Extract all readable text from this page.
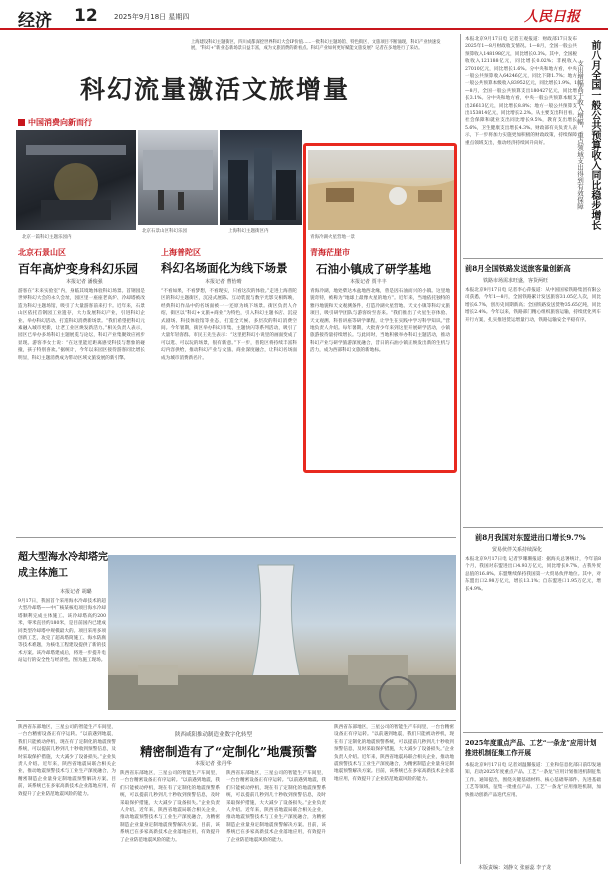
经济 12 2025年9月18日 星期四	人民日报
上海建设科幻主题街区，四川成都深挖世界科幻大会IP价值……一批科幻主题场馆、特色街区、文旅项目不断涌现，科幻产业快速发展，“科幻+”新业态新场景日益丰富，成为文旅消费的新看点。科幻产业如何更好赋能文旅发展？记者在多地进行了采访。
科幻流量激活文旅增量
中国消费向新而行
北京一篇科幻主题乐园内
北京石景山区科幻乐园	上海科幻主题街区内
青海冷湖火星营地一景
北京石景山区
百年高炉变身科幻乐园
本报记者 潘俊强
游客在“未来实验室”内，身临其境地体验科幻场景。首钢园是世界科幻大会的永久会址，园区里一座座老高炉、冷却塔被改造为科幻主题场馆，吸引了大量游客前来打卡。近年来，石景山区依托首钢园工业遗存，大力发展科幻产业，引进科幻企业、举办科幻活动、打造科幻消费新场景。“我们希望把科幻元素融入城市更新，让老工业区焕发新活力。”相关负责人表示，园区已举办多场科幻主题展览与论坛，科幻产业集聚效应初步显现。游客李女士说：“在这里能近距离感受科技与想象的碰撞，孩子特别喜欢。”据统计，今年以来园区接待游客同比增长明显，科幻主题消费成为带动区域文旅发展的新引擎。
上海普陀区
科幻名场面化为线下场景
本报记者 曹怡晴
“不看如果，不看梦想，不看现实，只看这次的体验。”走进上海普陀区的科幻主题街区，沉浸式展陈、互动装置与数字光影交相辉映，经典科幻作品中的名场面被一一还原为线下场景。街区负责人介绍，街区以“科幻+文旅+商业”为特色，引入科幻主题书店、沉浸式剧场、科技体验馆等业态，打造全天候、多层次的科幻消费空间。今年暑期，街区举办科幻市集、主题快闪等系列活动，吸引了大量年轻客群。市民王先生表示：“这里把科幻小说里的画面变成了可以逛、可以玩的场景，很有新意。”下一步，普陀区将持续丰富科幻内容供给，推动科幻产业与文旅、商业深度融合，让科幻名场面成为城市消费新名片。
青海茫崖市
石油小镇成了研学基地
本报记者 贾丰丰
青海冷湖，地处柴达木盆地西北缘，曾是因石油而兴的小镇。这里地貌奇特，被称为“地球上最像火星的地方”。近年来，当地依托独特的雅丹地貌和天文观测条件，打造冷湖火星营地、天文小镇等科幻文旅项目，吸引研学团队与游客纷至沓来。“我们推出了火星生存体验、天文观测、科普讲座等研学课程，让学生在实践中学习科学知识。”营地负责人介绍。每年暑期，大批青少年来到这里开展研学活动，小镇旅游接待量持续增长。与此同时，当地积极举办科幻主题活动，推动科幻产业与研学旅游深度融合，昔日的石油小镇正焕发出新的生机与活力，成为西部科幻文旅的新地标。
本报北京9月17日电 记者王观报道：财政部17日发布2025年1—8月财政收支情况。1—8月，全国一般公共预算收入148198亿元，同比增长0.3%。其中，全国税收收入121188亿元，同比增长0.02%；非税收入27010亿元，同比增长1.6%。分中央和地方看，中央一般公共预算收入64246亿元，同比下降1.7%；地方一般公共预算本级收入83952亿元，同比增长1.9%。1—8月，全国一般公共预算支出180427亿元，同比增长3.1%。分中央和地方看，中央一般公共预算本级支出26613亿元，同比增长8.8%；地方一般公共预算支出153814亿元，同比增长2.2%。从主要支出科目看，社会保障和就业支出同比增长9.5%，教育支出增长5.6%，卫生健康支出增长4.3%。财政部有关负责人表示，下一步将加力实施更加积极的财政政策，持续保障重点领域支出，推动经济持续回升向好。	前八月全国一般公共预算收入同比稳步增长
支出增幅高于收入增幅，重点领域支出得到有效保障
前8月全国铁路发送旅客量创新高
铁路市场需求旺盛，客货两旺
本报北京9月17日电 记者李心萍报道：从中国国家铁路集团有限公司获悉，今年1—8月，全国铁路累计发送旅客31.05亿人次，同比增长6.7%，创历史同期新高；全国铁路发送货物35.65亿吨，同比增长2.4%。今年以来，铁路部门精心组织旅客运输，持续优化列车开行方案，扎实推进货运增量行动，铁路运输安全平稳有序。
前8月我国对东盟进出口增长9.7%
贸易伙伴关系持续深化
本报北京9月17日电 记者罗珊珊报道：据海关总署统计，今年前8个月，我国对东盟进出口4.93万亿元，同比增长9.7%，占我外贸总值的16.8%。东盟继续保持我国第一大贸易伙伴地位。其中，对东盟出口2.98万亿元，增长13.1%；自东盟进口1.95万亿元，增长4.9%。
2025年度重点产品、工艺“一条龙”应用计划推进机制征集工作开展
本报北京9月17日电 记者刘温馨报道：工业和信息化部日前印发通知，启动2025年度重点产品、工艺“一条龙”应用计划推进机制征集工作。通知提出，围绕关键基础材料、核心基础零部件、先进基础工艺等领域，征集一批重点产品、工艺“一条龙”应用推进机制，加快推动创新产品迭代应用。
超大型海水冷却塔完成主体施工
本报记者 胡璐
9月17日，我国首个采用海水冷却技术的超大型冷却塔——中广核某核电项目海水冷却塔顺利完成主体施工。该冷却塔高约200米，零米直径约180米，是目前国内已建成同类型冷却塔中规模最大的。项目采用多项创新工艺，攻克了超高塔筒施工、海水防腐等技术难题，为核电工程建设提供了新的技术方案。该冷却塔建成后，将进一步提升电站运行的安全性与经济性。图为施工现场。
陕西咸阳推动制造业数字化转型
精密制造有了“定制化”地震预警
本报记者 张丹华
陕西省东部地区，三星公司的智能生产车间里，一台台精密设备正有序运转。“以前遇到地震，我们只能被动停机，现在有了定制化的地震预警系统，可以提前几秒到几十秒收到预警信息，及时采取保护措施，大大减少了设备损失。”企业负责人介绍。近年来，陕西省地震局联合相关企业，推动地震预警技术与工业生产深度融合，为精密制造企业量身定制地震预警解决方案。目前，该系统已在多家高新技术企业落地应用，有效提升了企业防范地震风险的能力。
陕西省东部地区，三星公司的智能生产车间里，一台台精密设备正有序运转。“以前遇到地震，我们只能被动停机，现在有了定制化的地震预警系统，可以提前几秒到几十秒收到预警信息，及时采取保护措施，大大减少了设备损失。”企业负责人介绍。近年来，陕西省地震局联合相关企业，推动地震预警技术与工业生产深度融合，为精密制造企业量身定制地震预警解决方案。目前，该系统已在多家高新技术企业落地应用，有效提升了企业防范地震风险的能力。
陕西省东部地区，三星公司的智能生产车间里，一台台精密设备正有序运转。“以前遇到地震，我们只能被动停机，现在有了定制化的地震预警系统，可以提前几秒到几十秒收到预警信息，及时采取保护措施，大大减少了设备损失。”企业负责人介绍。近年来，陕西省地震局联合相关企业，推动地震预警技术与工业生产深度融合，为精密制造企业量身定制地震预警解决方案。目前，该系统已在多家高新技术企业落地应用，有效提升了企业防范地震风险的能力。
陕西省东部地区，三星公司的智能生产车间里，一台台精密设备正有序运转。“以前遇到地震，我们只能被动停机，现在有了定制化的地震预警系统，可以提前几秒到几十秒收到预警信息，及时采取保护措施，大大减少了设备损失。”企业负责人介绍。近年来，陕西省地震局联合相关企业，推动地震预警技术与工业生产深度融合，为精密制造企业量身定制地震预警解决方案。目前，该系统已在多家高新技术企业落地应用，有效提升了企业防范地震风险的能力。
本版责编：刘静文 张丽蕊 李子龙
